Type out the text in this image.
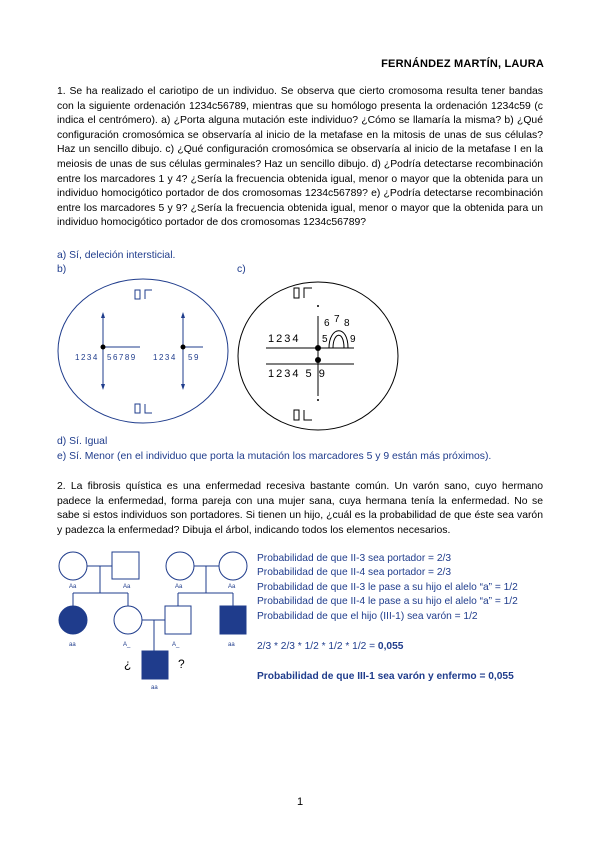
FERNÁNDEZ MARTÍN, LAURA
1. Se ha realizado el cariotipo de un individuo. Se observa que cierto cromosoma resulta tener bandas con la siguiente ordenación 1234c56789, mientras que su homólogo presenta la ordenación 1234c59 (c indica el centrómero). a) ¿Porta alguna mutación este individuo? ¿Cómo se llamaría la misma? b) ¿Qué configuración cromosómica se observaría al inicio de la metafase en la mitosis de unas de sus células? Haz un sencillo dibujo. c) ¿Qué configuración cromosómica se observaría al inicio de la metafase I en la meiosis de unas de sus células germinales? Haz un sencillo dibujo. d) ¿Podría detectarse recombinación entre los marcadores 1 y 4? ¿Sería la frecuencia obtenida igual, menor o mayor que la obtenida para un individuo homocigótico portador de dos cromosomas 1234c56789? e) ¿Podría detectarse recombinación entre los marcadores 5 y 9? ¿Sería la frecuencia obtenida igual, menor o mayor que la obtenida para un individuo homocigótico portador de dos cromosomas 1234c56789?
a) Sí, deleción intersticial.
b)	c)
1234 56789 1234 59
1234
6 7 8
5 9
1234 5 9
d) Sí. Igual
e) Sí. Menor (en el individuo que porta la mutación los marcadores 5 y 9 están más próximos).
2. La fibrosis quística es una enfermedad recesiva bastante común. Un varón sano, cuyo hermano padece la enfermedad, forma pareja con una mujer sana, cuya hermana tenía la enfermedad. No se sabe si estos individuos son portadores. Si tienen un hijo, ¿cuál es la probabilidad de que éste sea varón y padezca la enfermedad? Dibuja el árbol, indicando todos los elementos necesarios.
Aa	Aa	Aa	Aa
aa	A_	A_	aa
aa
¿	?
Probabilidad de que II-3 sea portador = 2/3
Probabilidad de que II-4 sea portador = 2/3
Probabilidad de que II-3 le pase a su hijo el alelo “a” = 1/2
Probabilidad de que II-4 le pase a su hijo el alelo “a” = 1/2
Probabilidad de que el hijo (III-1) sea varón = 1/2
2/3 * 2/3 * 1/2 * 1/2 * 1/2 = 0,055
Probabilidad de que III-1 sea varón y enfermo = 0,055
1
